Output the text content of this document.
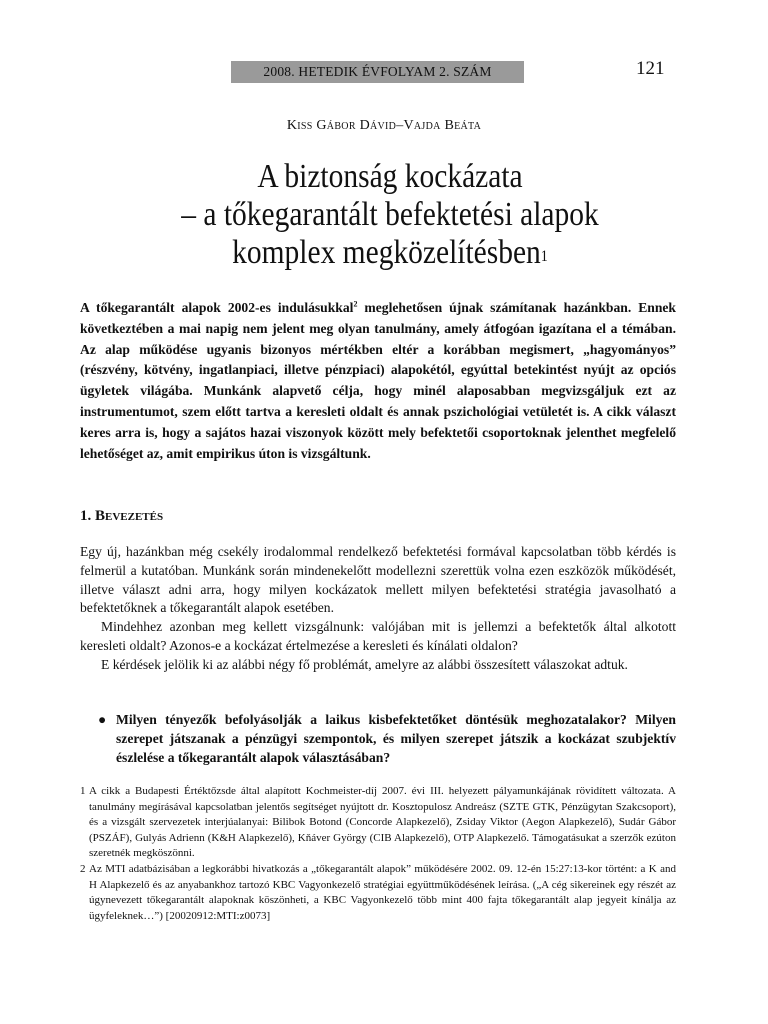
2008. HETEDIK ÉVFOLYAM 2. SZÁM	121
Kiss Gábor Dávid–Vajda Beáta
A biztonság kockázata
– a tőkegarantált befektetési alapok
komplex megközelítésben$^1$
A tőkegarantált alapok 2002-es indulásukkal$^2$ meglehetősen újnak számítanak hazánkban. Ennek következtében a mai napig nem jelent meg olyan tanulmány, amely átfogóan igazítana el a témában. Az alap működése ugyanis bizonyos mértékben eltér a korábban megismert, „hagyományos” (részvény, kötvény, ingatlanpiaci, illetve pénzpiaci) alapokétól, egyúttal betekintést nyújt az opciós ügyletek világába. Munkánk alapvető célja, hogy minél alaposabban megvizsgáljuk ezt az instrumentumot, szem előtt tartva a keresleti oldalt és annak pszichológiai vetületét is. A cikk választ keres arra is, hogy a sajátos hazai viszonyok között mely befektetői csoportoknak jelenthet megfelelő lehetőséget az, amit empirikus úton is vizsgáltunk.
1. Bevezetés

Egy új, hazánkban még csekély irodalommal rendelkező befektetési formával kapcsolatban több kérdés is felmerül a kutatóban. Munkánk során mindenekelőtt modellezni szerettük volna ezen eszközök működését, illetve választ adni arra, hogy milyen kockázatok mellett milyen befektetési stratégia javasolható a befektetőknek a tőkegarantált alapok esetében.

Mindehhez azonban meg kellett vizsgálnunk: valójában mit is jellemzi a befektetők által alkotott keresleti oldalt? Azonos-e a kockázat értelmezése a keresleti és kínálati oldalon?

E kérdések jelölik ki az alábbi négy fő problémát, amelyre az alábbi összesített válaszokat adtuk.

● Milyen tényezők befolyásolják a laikus kisbefektetőket döntésük meghozatalakor? Milyen szerepet játszanak a pénzügyi szempontok, és milyen szerepet játszik a kockázat szubjektív észlelése a tőkegarantált alapok választásában?
1 A cikk a Budapesti Értéktőzsde által alapított Kochmeister-díj 2007. évi III. helyezett pályamunkájának rövidített változata. A tanulmány megírásával kapcsolatban jelentős segítséget nyújtott dr. Kosztopulosz Andreász (SZTE GTK, Pénzügytan Szakcsoport), és a vizsgált szervezetek interjúalanyai: Bilibok Botond (Concorde Alapkezelő), Zsiday Viktor (Aegon Alapkezelő), Sudár Gábor (PSZÁF), Gulyás Adrienn (K&H Alapkezelő), Kňáver György (CIB Alapkezelő), OTP Alapkezelő. Támogatásukat a szerzők ezúton szeretnék megköszönni.
2 Az MTI adatbázisában a legkorábbi hivatkozás a „tőkegarantált alapok” működésére 2002. 09. 12-én 15:27:13-kor történt: a K and H Alapkezelő és az anyabankhoz tartozó KBC Vagyonkezelő stratégiai együttműködésének leírása. („A cég sikereinek egy részét az úgynevezett tőkegarantált alapoknak köszönheti, a KBC Vagyonkezelő több mint 400 fajta tőkegarantált alap jegyeit kínálja az ügyfeleknek…”) [20020912:MTI:z0073]
